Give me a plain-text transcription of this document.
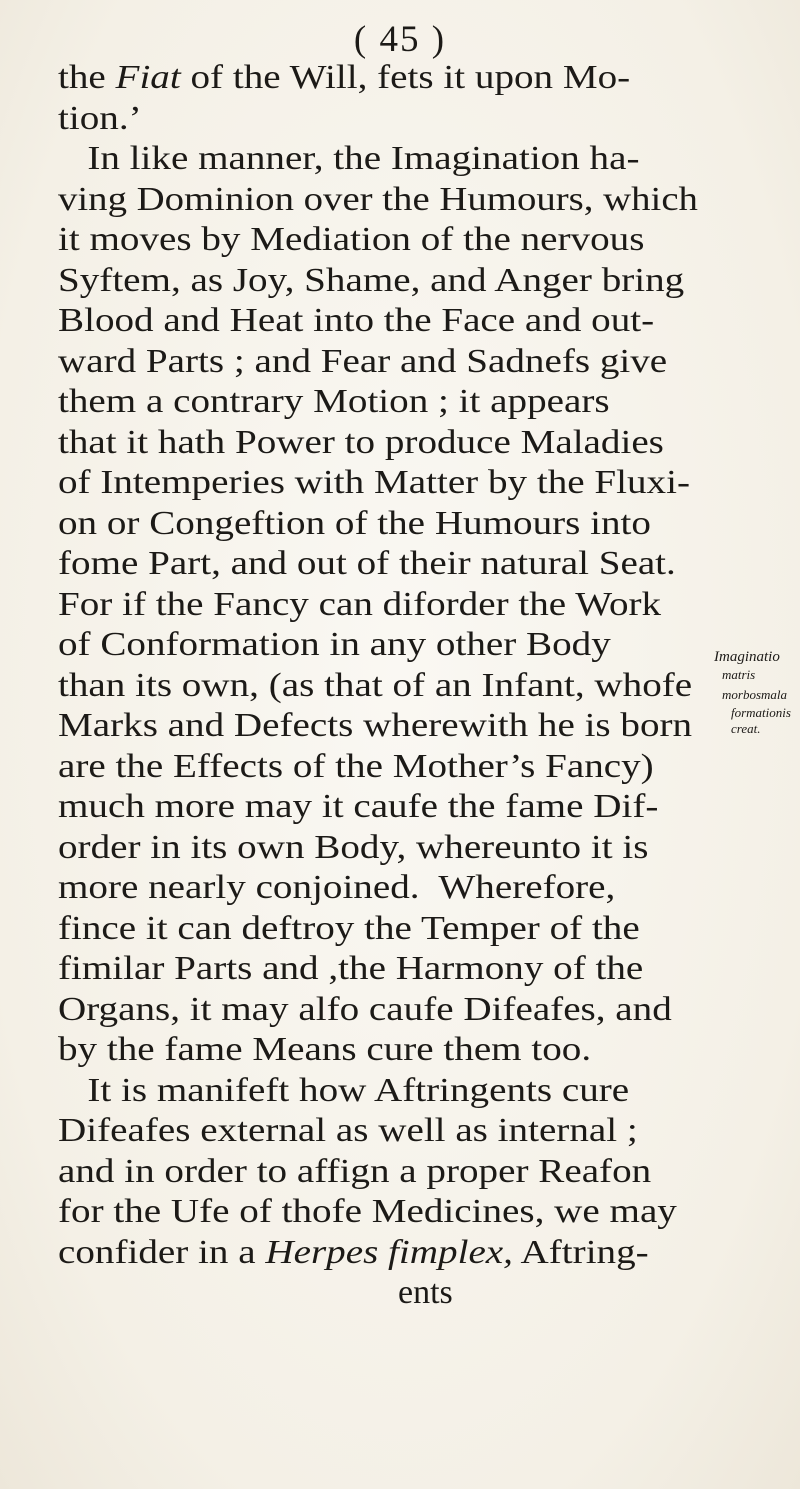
( 45 )
the Fiat of the Will, fets it upon Mo-
tion.’
In like manner, the Imagination ha-
ving Dominion over the Humours, which
it moves by Mediation of the nervous
Syftem, as Joy, Shame, and Anger bring
Blood and Heat into the Face and out-
ward Parts ; and Fear and Sadnefs give
them a contrary Motion ; it appears
that it hath Power to produce Maladies
of Intemperies with Matter by the Fluxi-
on or Congeftion of the Humours into
fome Part, and out of their natural Seat.
For if the Fancy can diforder the Work
of Conformation in any other Body
than its own, (as that of an Infant, whofe
Marks and Defects wherewith he is born
are the Effects of the Mother’s Fancy)
much more may it caufe the fame Dif-
order in its own Body, whereunto it is
more nearly conjoined.  Wherefore,
fince it can deftroy the Temper of the
fimilar Parts and ,the Harmony of the
Organs, it may alfo caufe Difeafes, and
by the fame Means cure them too.
It is manifeft how Aftringents cure
Difeafes external as well as internal ;
and in order to affign a proper Reafon
for the Ufe of thofe Medicines, we may
confider in a Herpes fimplex, Aftring-
ents
Imaginatio
matris
morbosmala
formationis
creat.
